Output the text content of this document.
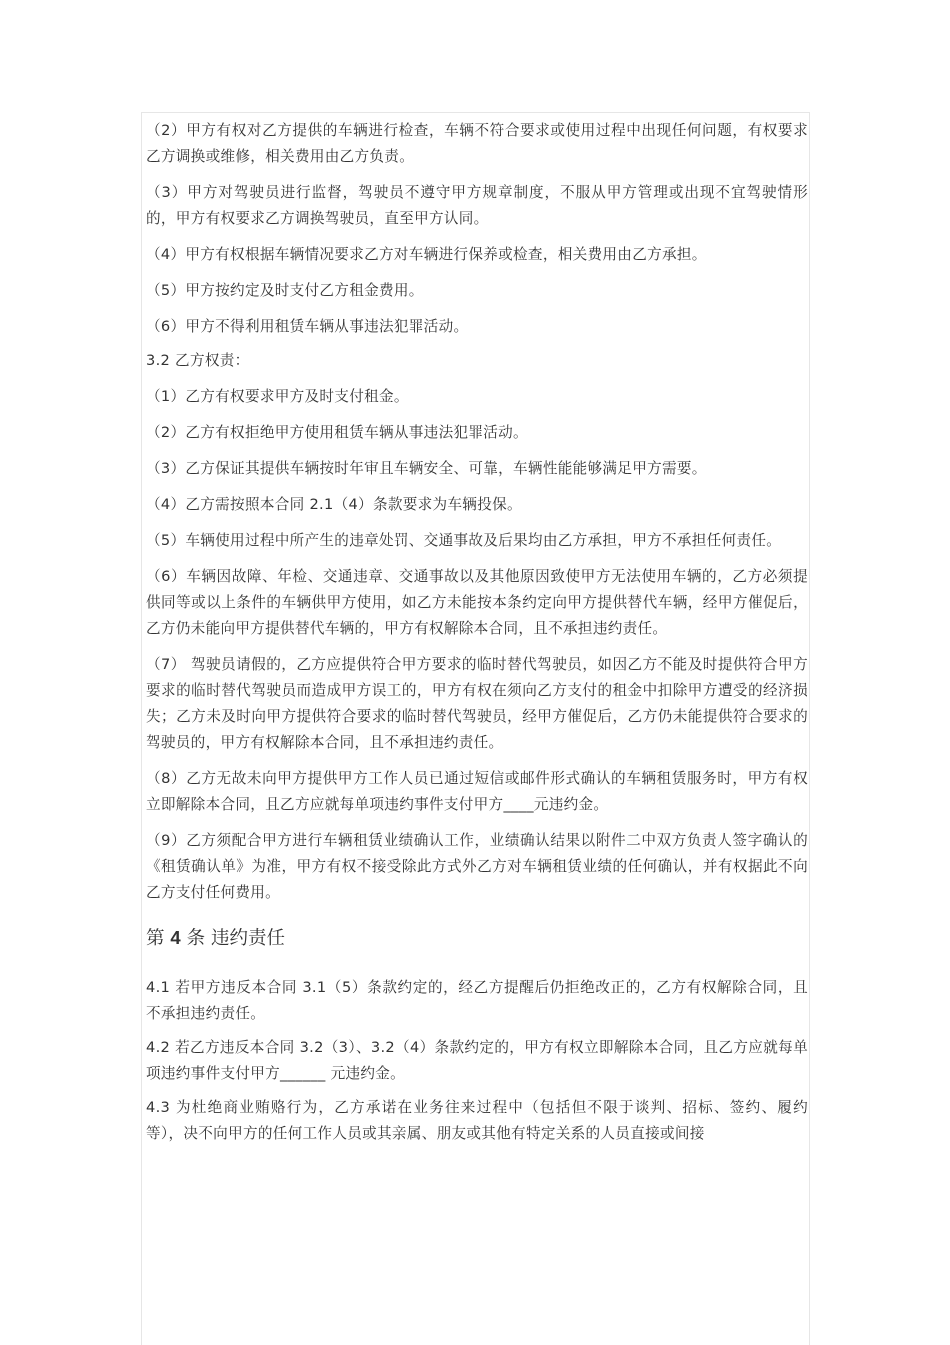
（2）甲方有权对乙方提供的车辆进行检查，车辆不符合要求或使用过程中出现任何问题，有权要求乙方调换或维修，相关费用由乙方负责。

（3）甲方对驾驶员进行监督，驾驶员不遵守甲方规章制度，不服从甲方管理或出现不宜驾驶情形的，甲方有权要求乙方调换驾驶员，直至甲方认同。

（4）甲方有权根据车辆情况要求乙方对车辆进行保养或检查，相关费用由乙方承担。

（5）甲方按约定及时支付乙方租金费用。

（6）甲方不得利用租赁车辆从事违法犯罪活动。

3.2 乙方权责：

（1）乙方有权要求甲方及时支付租金。

（2）乙方有权拒绝甲方使用租赁车辆从事违法犯罪活动。

（3）乙方保证其提供车辆按时年审且车辆安全、可靠，车辆性能能够满足甲方需要。

（4）乙方需按照本合同 2.1（4）条款要求为车辆投保。

（5）车辆使用过程中所产生的违章处罚、交通事故及后果均由乙方承担，甲方不承担任何责任。

（6）车辆因故障、年检、交通违章、交通事故以及其他原因致使甲方无法使用车辆的，乙方必须提供同等或以上条件的车辆供甲方使用，如乙方未能按本条约定向甲方提供替代车辆，经甲方催促后，乙方仍未能向甲方提供替代车辆的，甲方有权解除本合同，且不承担违约责任。

（7） 驾驶员请假的，乙方应提供符合甲方要求的临时替代驾驶员，如因乙方不能及时提供符合甲方要求的临时替代驾驶员而造成甲方误工的，甲方有权在须向乙方支付的租金中扣除甲方遭受的经济损失；乙方未及时向甲方提供符合要求的临时替代驾驶员，经甲方催促后，乙方仍未能提供符合要求的驾驶员的，甲方有权解除本合同，且不承担违约责任。

（8）乙方无故未向甲方提供甲方工作人员已通过短信或邮件形式确认的车辆租赁服务时，甲方有权立即解除本合同，且乙方应就每单项违约事件支付甲方____元违约金。

（9）乙方须配合甲方进行车辆租赁业绩确认工作，业绩确认结果以附件二中双方负责人签字确认的《租赁确认单》为准，甲方有权不接受除此方式外乙方对车辆租赁业绩的任何确认，并有权据此不向乙方支付任何费用。

第 4 条 违约责任

4.1 若甲方违反本合同 3.1（5）条款约定的，经乙方提醒后仍拒绝改正的，乙方有权解除合同，且不承担违约责任。

4.2 若乙方违反本合同 3.2（3）、3.2（4）条款约定的，甲方有权立即解除本合同，且乙方应就每单项违约事件支付甲方______ 元违约金。

4.3 为杜绝商业贿赂行为，乙方承诺在业务往来过程中（包括但不限于谈判、招标、签约、履约等），决不向甲方的任何工作人员或其亲属、朋友或其他有特定关系的人员直接或间接
